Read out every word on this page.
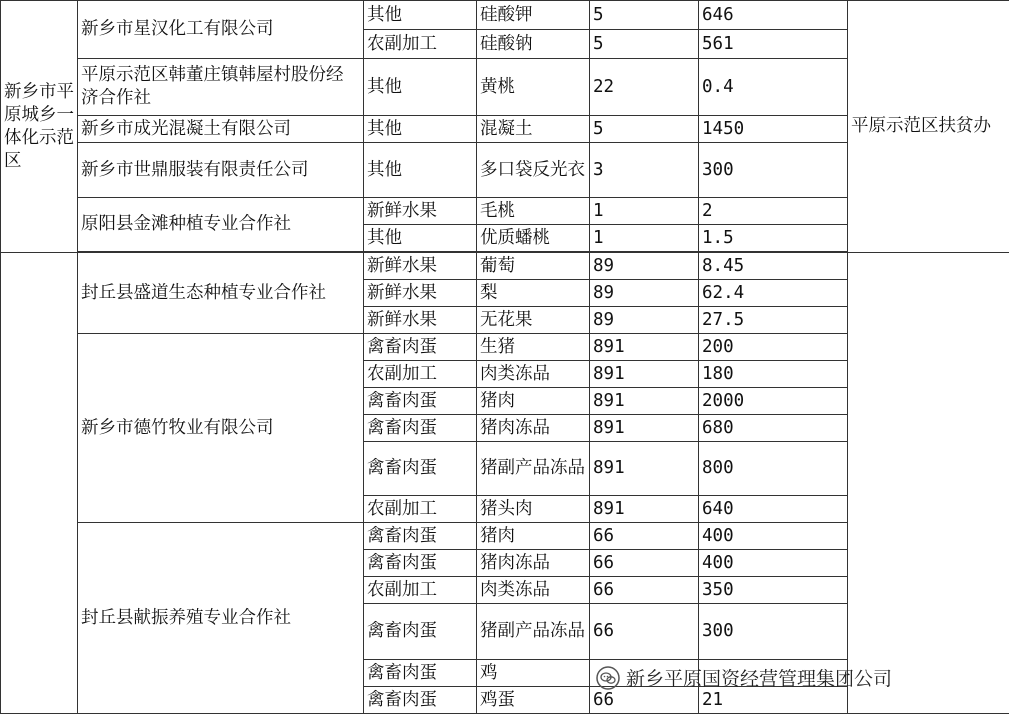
新乡市平原城乡一体化示范区	新乡市星汉化工有限公司	其他	硅酸钾	5	646	平原示范区扶贫办
		农副加工	硅酸钠	5	561	
	平原示范区韩董庄镇韩屋村股份经济合作社	其他	黄桃	22	0.4	
	新乡市成光混凝土有限公司	其他	混凝土	5	1450	
	新乡市世鼎服装有限责任公司	其他	多口袋反光衣	3	300	
	原阳县金滩种植专业合作社	新鲜水果	毛桃	1	2	
		其他	优质蟠桃	1	1.5	

	封丘县盛道生态种植专业合作社	新鲜水果	葡萄	89	8.45	
		新鲜水果	梨	89	62.4	
		新鲜水果	无花果	89	27.5	
	新乡市德竹牧业有限公司	禽畜肉蛋	生猪	891	200	
		农副加工	肉类冻品	891	180	
		禽畜肉蛋	猪肉	891	2000	
		禽畜肉蛋	猪肉冻品	891	680	
		禽畜肉蛋	猪副产品冻品	891	800	
		农副加工	猪头肉	891	640	
	封丘县献振养殖专业合作社	禽畜肉蛋	猪肉	66	400	
		禽畜肉蛋	猪肉冻品	66	400	
		农副加工	肉类冻品	66	350	
		禽畜肉蛋	猪副产品冻品	66	300	
		禽畜肉蛋	鸡			
		禽畜肉蛋	鸡蛋	66	21	
新乡平原国资经营管理集团公司
